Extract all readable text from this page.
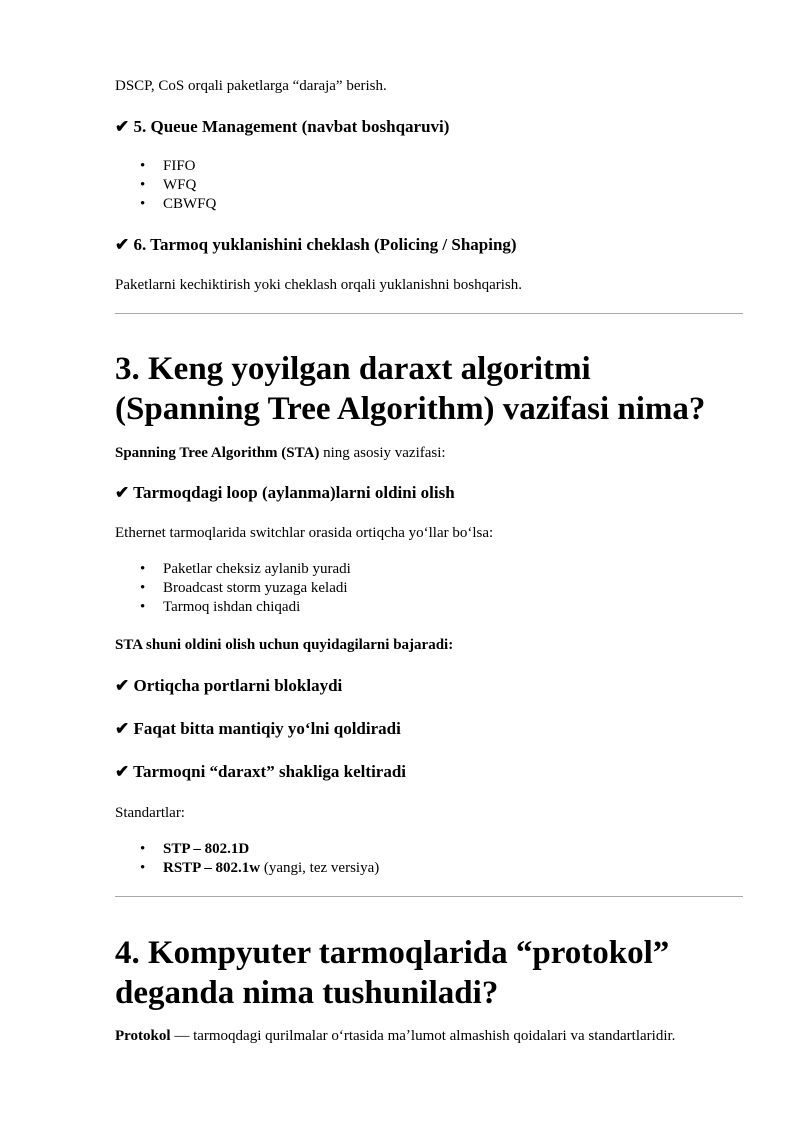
DSCP, CoS orqali paketlarga “daraja” berish.

✔ 5. Queue Management (navbat boshqaruvi)
• FIFO
• WFQ
• CBWFQ
✔ 6. Tarmoq yuklanishini cheklash (Policing / Shaping)

Paketlarni kechiktirish yoki cheklash orqali yuklanishni boshqarish.

3. Keng yoyilgan daraxt algoritmi (Spanning Tree Algorithm) vazifasi nima?

Spanning Tree Algorithm (STA) ning asosiy vazifasi:

✔ Tarmoqdagi loop (aylanma)larni oldini olish

Ethernet tarmoqlarida switchlar orasida ortiqcha yoʻllar boʻlsa:

• Paketlar cheksiz aylanib yuradi
• Broadcast storm yuzaga keladi
• Tarmoq ishdan chiqadi

STA shuni oldini olish uchun quyidagilarni bajaradi:

✔ Ortiqcha portlarni bloklaydi
✔ Faqat bitta mantiqiy yoʻlni qoldiradi
✔ Tarmoqni “daraxt” shakliga keltiradi

Standartlar:

• STP – 802.1D
• RSTP – 802.1w (yangi, tez versiya)
4. Kompyuter tarmoqlarida “protokol” deganda nima tushuniladi?

Protokol — tarmoqdagi qurilmalar oʻrtasida maʼlumot almashish qoidalari va standartlaridir.
